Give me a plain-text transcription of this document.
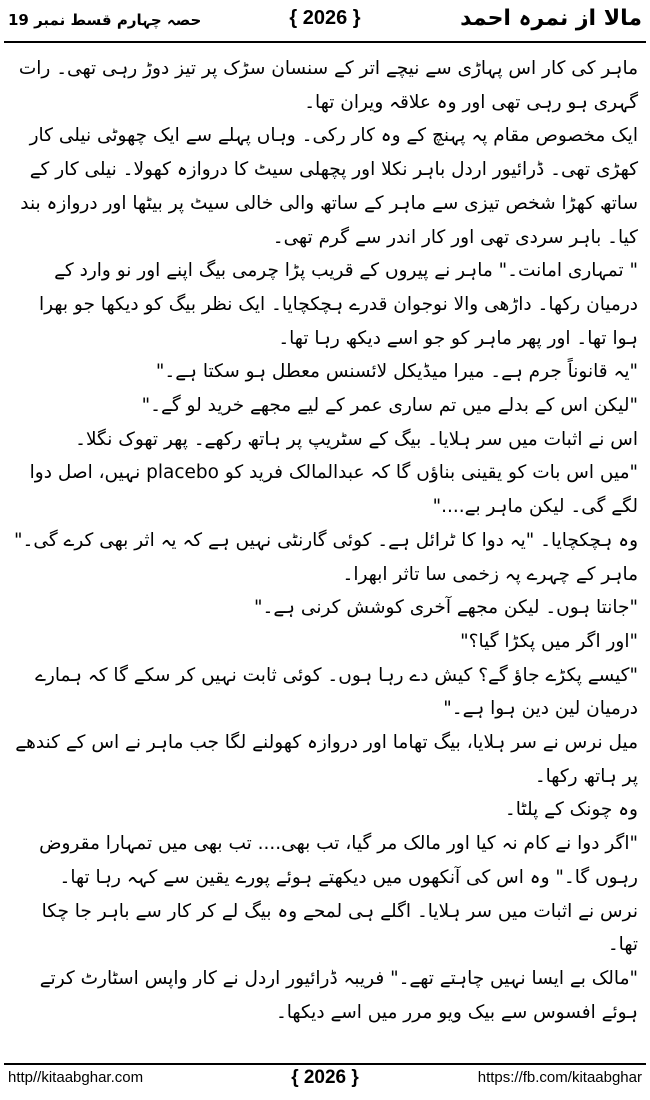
مالا از نمرہ احمد
{ 2026 }
حصہ چہارم قسط نمبر 19

ماہر کی کار اس پہاڑی سے نیچے اتر کے سنسان سڑک پر تیز دوڑ رہی تھی۔ رات گہری ہو رہی تھی اور وہ علاقہ ویران تھا۔

ایک مخصوص مقام پہ پہنچ کے وہ کار رکی۔ وہاں پہلے سے ایک چھوٹی نیلی کار کھڑی تھی۔ ڈرائیور اردل باہر نکلا اور پچھلی سیٹ کا دروازہ کھولا۔ نیلی کار کے ساتھ کھڑا شخص تیزی سے ماہر کے ساتھ والی خالی سیٹ پر بیٹھا اور دروازہ بند کیا۔ باہر سردی تھی اور کار اندر سے گرم تھی۔

" تمہاری امانت۔" ماہر نے پیروں کے قریب پڑا چرمی بیگ اپنے اور نو وارد کے درمیان رکھا۔ داڑھی والا نوجوان قدرے ہچکچایا۔ ایک نظر بیگ کو دیکھا جو بھرا ہوا تھا۔ اور پھر ماہر کو جو اسے دیکھ رہا تھا۔

"یہ قانوناً جرم ہے۔ میرا میڈیکل لائسنس معطل ہو سکتا ہے۔"

"لیکن اس کے بدلے میں تم ساری عمر کے لیے مجھے خرید لو گے۔"

اس نے اثبات میں سر ہلایا۔ بیگ کے سٹریپ پر ہاتھ رکھے۔ پھر تھوک نگلا۔

"میں اس بات کو یقینی بناؤں گا کہ عبدالمالک فرید کو placebo نہیں، اصل دوا لگے گی۔ لیکن ماہر بے...."

وہ ہچکچایا۔ "یہ دوا کا ٹرائل ہے۔ کوئی گارنٹی نہیں ہے کہ یہ اثر بھی کرے گی۔"

ماہر کے چہرے پہ زخمی سا تاثر ابھرا۔

"جانتا ہوں۔ لیکن مجھے آخری کوشش کرنی ہے۔"

"اور اگر میں پکڑا گیا؟"

"کیسے پکڑے جاؤ گے؟ کیش دے رہا ہوں۔ کوئی ثابت نہیں کر سکے گا کہ ہمارے درمیان لین دین ہوا ہے۔"

میل نرس نے سر ہلایا، بیگ تھاما اور دروازہ کھولنے لگا جب ماہر نے اس کے کندھے پر ہاتھ رکھا۔

وہ چونک کے پلٹا۔

"اگر دوا نے کام نہ کیا اور مالک مر گیا، تب بھی.... تب بھی میں تمہارا مقروض رہوں گا۔" وہ اس کی آنکھوں میں دیکھتے ہوئے پورے یقین سے کہہ رہا تھا۔

نرس نے اثبات میں سر ہلایا۔ اگلے ہی لمحے وہ بیگ لے کر کار سے باہر جا چکا تھا۔

"مالک بے ایسا نہیں چاہتے تھے۔" فریبہ ڈرائیور اردل نے کار واپس اسٹارٹ کرتے ہوئے افسوس سے بیک ویو مرر میں اسے دیکھا۔

http//kitaabghar.com	{ 2026 }	https://fb.com/kitaabghar
